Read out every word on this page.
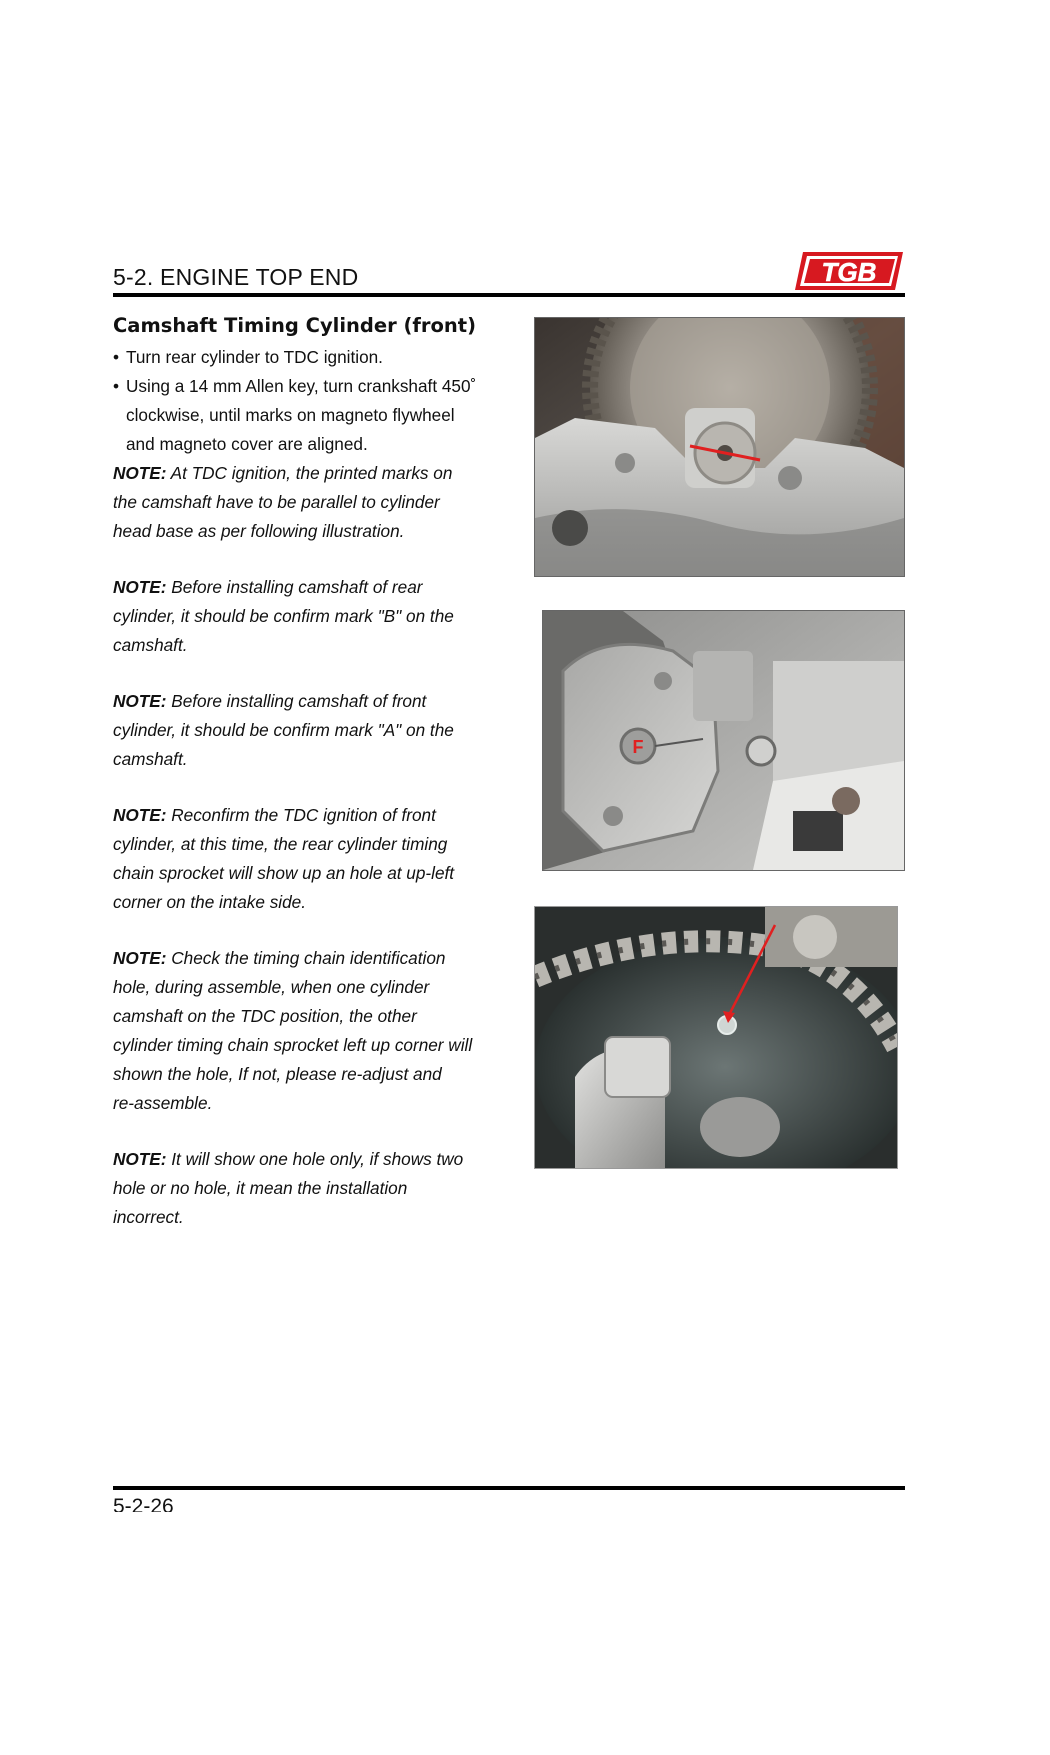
5-2. ENGINE TOP END	TGB
Camshaft Timing Cylinder (front)
• Turn rear cylinder to TDC ignition.
• Using a 14 mm Allen key, turn crankshaft 450˚
clockwise, until marks on magneto flywheel
and magneto cover are aligned.
NOTE: At TDC ignition, the printed marks on
the camshaft have to be parallel to cylinder
head base as per following illustration.
NOTE: Before installing camshaft of rear
cylinder, it should be confirm mark "B" on the
camshaft.
NOTE: Before installing camshaft of front
cylinder, it should be confirm mark "A" on the
camshaft.
NOTE: Reconfirm the TDC ignition of front
cylinder, at this time, the rear cylinder timing
chain sprocket will show up an hole at up-left
corner on the intake side.
NOTE: Check the timing chain identification
hole, during assemble, when one cylinder
camshaft on the TDC position, the other
cylinder timing chain sprocket left up corner will
shown the hole, If not, please re-adjust and
re-assemble.
NOTE: It will show one hole only, if shows two
hole or no hole, it mean the installation
incorrect.
F
5-2-26
